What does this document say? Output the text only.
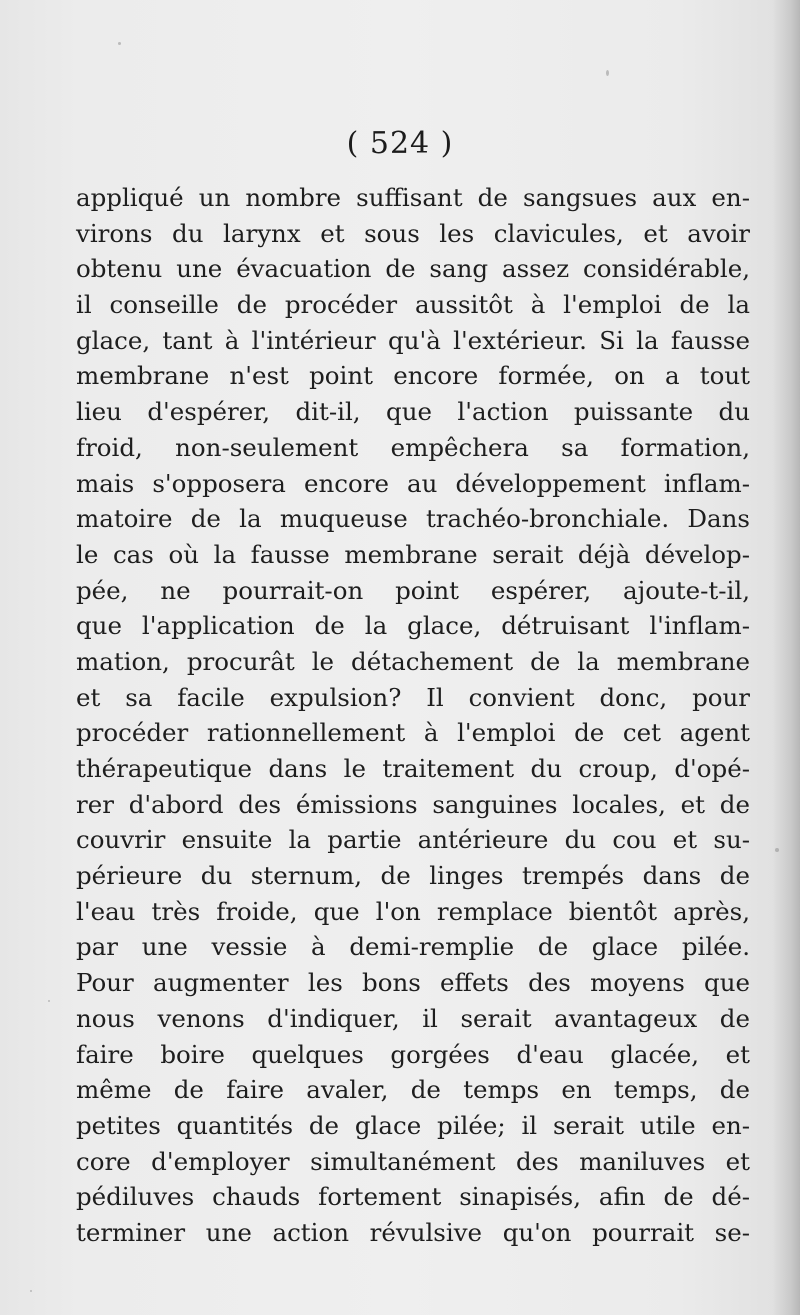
( 524 )
appliqué un nombre suffisant de sangsues aux en-
virons du larynx et sous les clavicules, et avoir
obtenu une évacuation de sang assez considérable,
il conseille de procéder aussitôt à l'emploi de la
glace, tant à l'intérieur qu'à l'extérieur. Si la fausse
membrane n'est point encore formée, on a tout
lieu d'espérer, dit-il, que l'action puissante du
froid, non-seulement empêchera sa formation,
mais s'opposera encore au développement inflam-
matoire de la muqueuse trachéo-bronchiale. Dans
le cas où la fausse membrane serait déjà dévelop-
pée, ne pourrait-on point espérer, ajoute-t-il,
que l'application de la glace, détruisant l'inflam-
mation, procurât le détachement de la membrane
et sa facile expulsion? Il convient donc, pour
procéder rationnellement à l'emploi de cet agent
thérapeutique dans le traitement du croup, d'opé-
rer d'abord des émissions sanguines locales, et de
couvrir ensuite la partie antérieure du cou et su-
périeure du sternum, de linges trempés dans de
l'eau très froide, que l'on remplace bientôt après,
par une vessie à demi-remplie de glace pilée.
Pour augmenter les bons effets des moyens que
nous venons d'indiquer, il serait avantageux de
faire boire quelques gorgées d'eau glacée, et
même de faire avaler, de temps en temps, de
petites quantités de glace pilée; il serait utile en-
core d'employer simultanément des maniluves et
pédiluves chauds fortement sinapisés, afin de dé-
terminer une action révulsive qu'on pourrait se-
